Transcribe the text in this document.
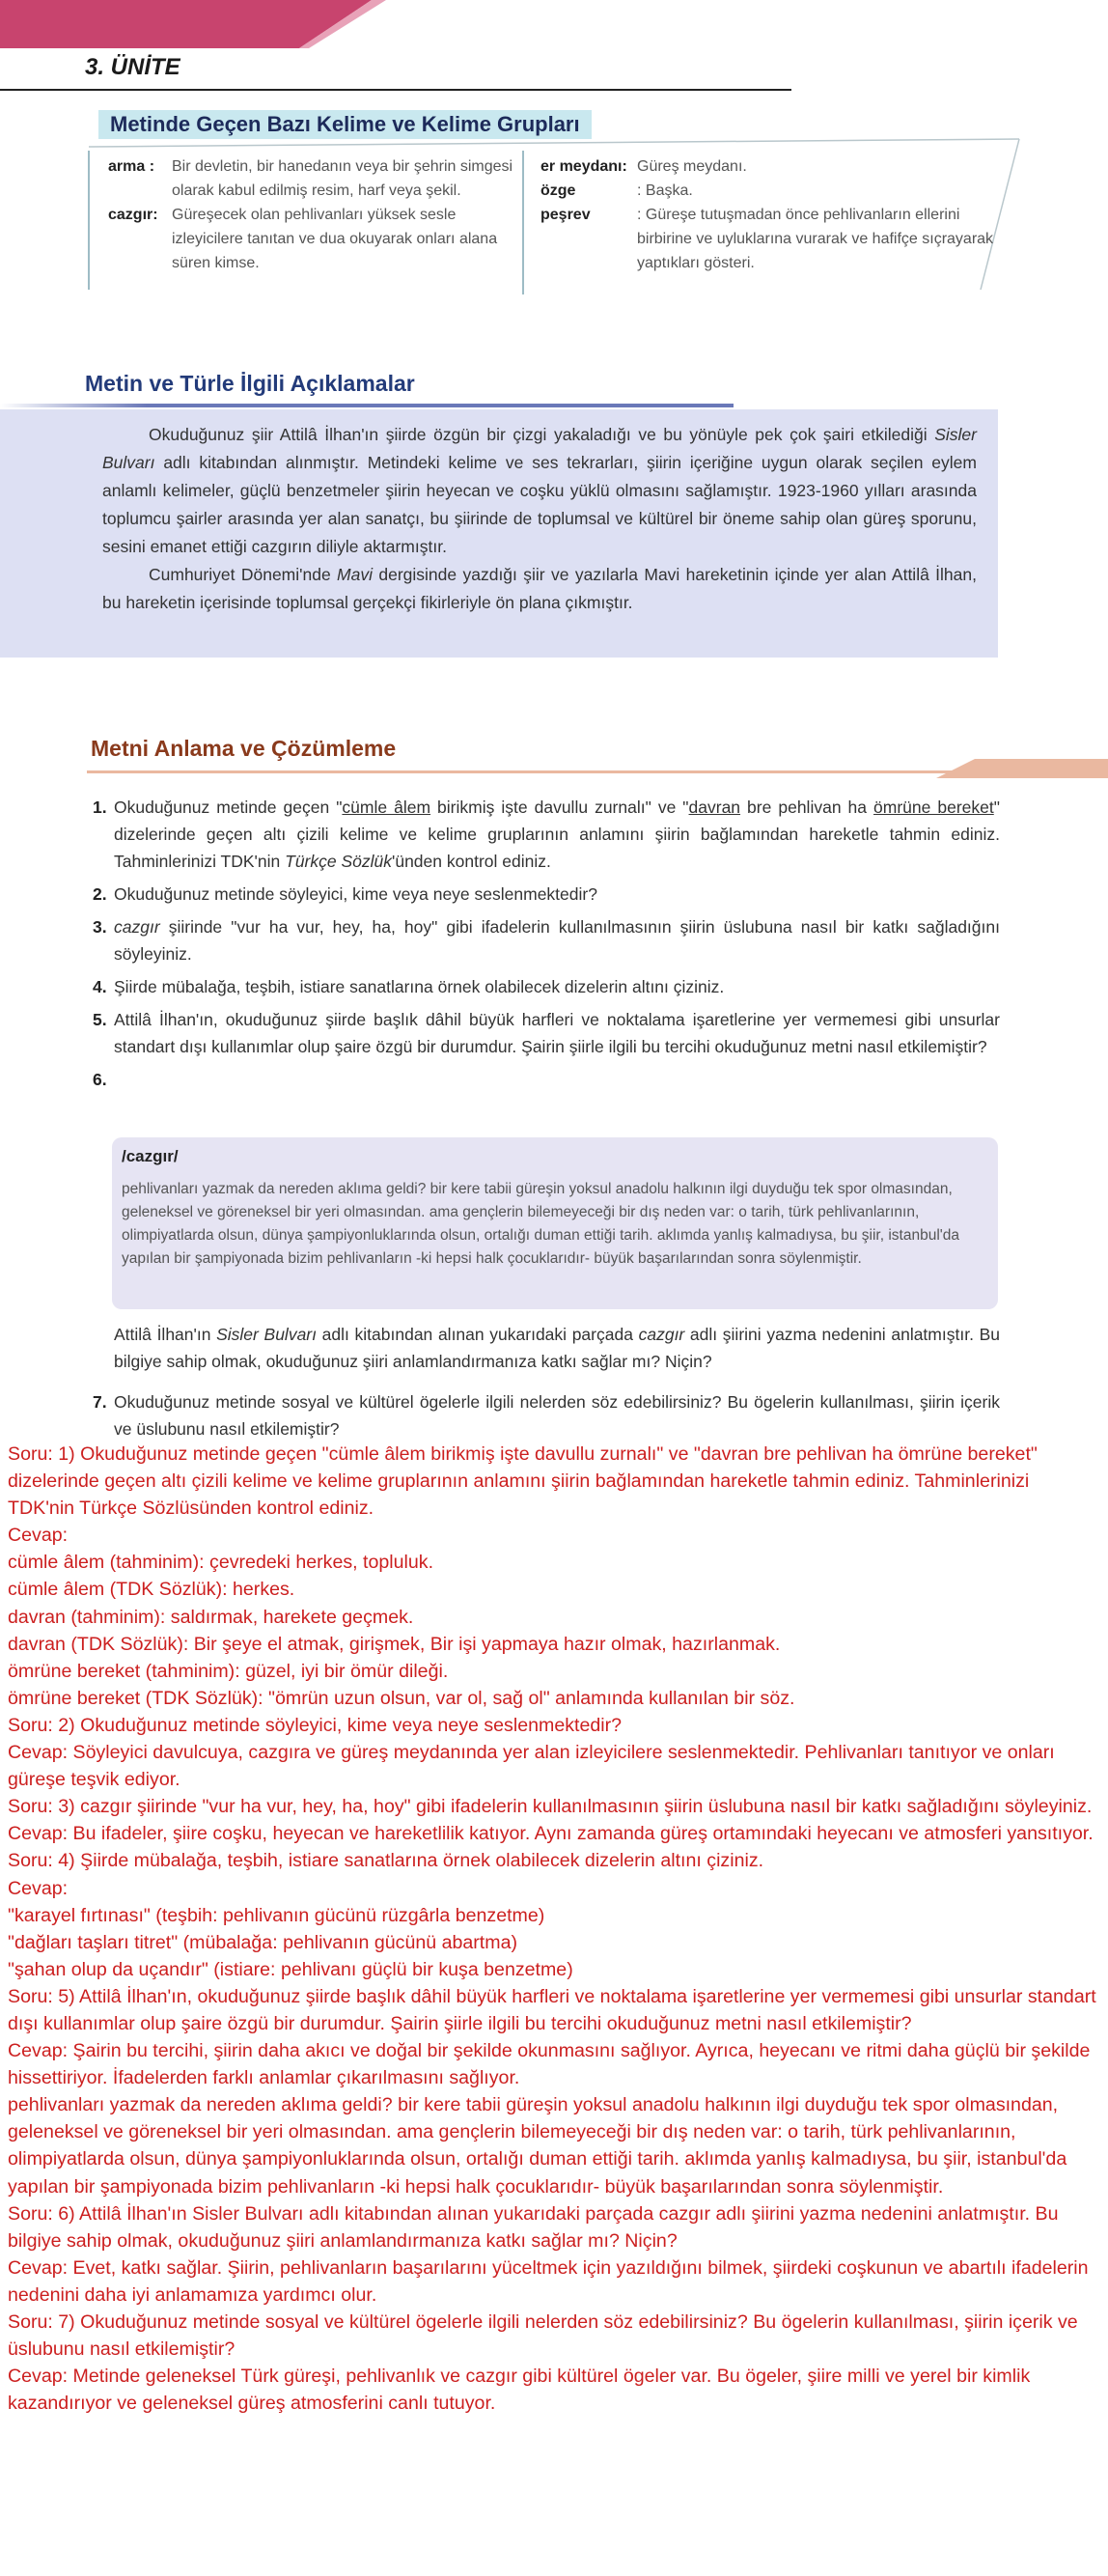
3. ÜNİTE
Metinde Geçen Bazı Kelime ve Kelime Grupları
arma :	Bir devletin, bir hanedanın veya bir şehrin simgesi olarak kabul edilmiş resim, harf veya şekil.
cazgır: Güreşecek olan pehlivanları yüksek sesle izleyicilere tanıtan ve dua okuyarak onları alana süren kimse.
er meydanı: Güreş meydanı.
özge	: Başka.
peşrev	: Güreşe tutuşmadan önce pehlivanların ellerini birbirine ve uyluklarına vurarak ve hafifçe sıçrayarak yaptıkları gösteri.
Metin ve Türle İlgili Açıklamalar

Okuduğunuz şiir Attilâ İlhan'ın şiirde özgün bir çizgi yakaladığı ve bu yönüyle pek çok şairi etkilediği Sisler Bulvarı adlı kitabından alınmıştır. Metindeki kelime ve ses tekrarları, şiirin içeriğine uygun olarak seçilen eylem anlamlı kelimeler, güçlü benzetmeler şiirin heyecan ve coşku yüklü olmasını sağlamıştır. 1923-1960 yılları arasında toplumcu şairler arasında yer alan sanatçı, bu şiirinde de toplumsal ve kültürel bir öneme sahip olan güreş sporunu, sesini emanet ettiği cazgırın diliyle aktarmıştır.

Cumhuriyet Dönemi'nde Mavi dergisinde yazdığı şiir ve yazılarla Mavi hareketinin içinde yer alan Attilâ İlhan, bu hareketin içerisinde toplumsal gerçekçi fikirleriyle ön plana çıkmıştır.

Metni Anlama ve Çözümleme
1. Okuduğunuz metinde geçen "cümle âlem birikmiş işte davullu zurnalı" ve "davran bre pehlivan ha ömrüne bereket" dizelerinde geçen altı çizili kelime ve kelime gruplarının anlamını şiirin bağlamından hareketle tahmin ediniz. Tahminlerinizi TDK'nin Türkçe Sözlük'ünden kontrol ediniz.
2. Okuduğunuz metinde söyleyici, kime veya neye seslenmektedir?
3. cazgır şiirinde "vur ha vur, hey, ha, hoy" gibi ifadelerin kullanılmasının şiirin üslubuna nasıl bir katkı sağladığını söyleyiniz.
4. Şiirde mübalağa, teşbih, istiare sanatlarına örnek olabilecek dizelerin altını çiziniz.
5. Attilâ İlhan'ın, okuduğunuz şiirde başlık dâhil büyük harfleri ve noktalama işaretlerine yer vermemesi gibi unsurlar standart dışı kullanımlar olup şaire özgü bir durumdur. Şairin şiirle ilgili bu tercihi okuduğunuz metni nasıl etkilemiştir?
6.
/cazgır/
pehlivanları yazmak da nereden aklıma geldi? bir kere tabii güreşin yoksul anadolu halkının ilgi duyduğu tek spor olmasından, geleneksel ve göreneksel bir yeri olmasından. ama gençlerin bilemeyeceği bir dış neden var: o tarih, türk pehlivanlarının, olimpiyatlarda olsun, dünya şampiyonluklarında olsun, ortalığı duman ettiği tarih. aklımda yanlış kalmadıysa, bu şiir, istanbul'da yapılan bir şampiyonada bizim pehlivanların -ki hepsi halk çocuklarıdır- büyük başarılarından sonra söylenmiştir.
Attilâ İlhan'ın Sisler Bulvarı adlı kitabından alınan yukarıdaki parçada cazgır adlı şiirini yazma nedenini anlatmıştır. Bu bilgiye sahip olmak, okuduğunuz şiiri anlamlandırmanıza katkı sağlar mı? Niçin?
7. Okuduğunuz metinde sosyal ve kültürel ögelerle ilgili nelerden söz edebilirsiniz? Bu ögelerin kullanılması, şiirin içerik ve üslubunu nasıl etkilemiştir?
Soru: 1) Okuduğunuz metinde geçen "cümle âlem birikmiş işte davullu zurnalı" ve "davran bre pehlivan ha ömrüne bereket" dizelerinde geçen altı çizili kelime ve kelime gruplarının anlamını şiirin bağlamından hareketle tahmin ediniz. Tahminlerinizi TDK'nin Türkçe Sözlüsünden kontrol ediniz.
Cevap:
cümle âlem (tahminim): çevredeki herkes, topluluk.
cümle âlem (TDK Sözlük): herkes.
davran (tahminim): saldırmak, harekete geçmek.
davran (TDK Sözlük): Bir şeye el atmak, girişmek, Bir işi yapmaya hazır olmak, hazırlanmak.
ömrüne bereket (tahminim): güzel, iyi bir ömür dileği.
ömrüne bereket (TDK Sözlük): "ömrün uzun olsun, var ol, sağ ol" anlamında kullanılan bir söz.
Soru: 2) Okuduğunuz metinde söyleyici, kime veya neye seslenmektedir?
Cevap: Söyleyici davulcuya, cazgıra ve güreş meydanında yer alan izleyicilere seslenmektedir. Pehlivanları tanıtıyor ve onları güreşe teşvik ediyor.
Soru: 3) cazgır şiirinde "vur ha vur, hey, ha, hoy" gibi ifadelerin kullanılmasının şiirin üslubuna nasıl bir katkı sağladığını söyleyiniz.
Cevap: Bu ifadeler, şiire coşku, heyecan ve hareketlilik katıyor. Aynı zamanda güreş ortamındaki heyecanı ve atmosferi yansıtıyor.
Soru: 4) Şiirde mübalağa, teşbih, istiare sanatlarına örnek olabilecek dizelerin altını çiziniz.
Cevap:
"karayel fırtınası" (teşbih: pehlivanın gücünü rüzgârla benzetme)
"dağları taşları titret" (mübalağa: pehlivanın gücünü abartma)
"şahan olup da uçandır" (istiare: pehlivanı güçlü bir kuşa benzetme)
Soru: 5) Attilâ İlhan'ın, okuduğunuz şiirde başlık dâhil büyük harfleri ve noktalama işaretlerine yer vermemesi gibi unsurlar standart dışı kullanımlar olup şaire özgü bir durumdur. Şairin şiirle ilgili bu tercihi okuduğunuz metni nasıl etkilemiştir?
Cevap: Şairin bu tercihi, şiirin daha akıcı ve doğal bir şekilde okunmasını sağlıyor. Ayrıca, heyecanı ve ritmi daha güçlü bir şekilde hissettiriyor. İfadelerden farklı anlamlar çıkarılmasını sağlıyor.
pehlivanları yazmak da nereden aklıma geldi? bir kere tabii güreşin yoksul anadolu halkının ilgi duyduğu tek spor olmasından, geleneksel ve göreneksel bir yeri olmasından. ama gençlerin bilemeyeceği bir dış neden var: o tarih, türk pehlivanlarının, olimpiyatlarda olsun, dünya şampiyonluklarında olsun, ortalığı duman ettiği tarih. aklımda yanlış kalmadıysa, bu şiir, istanbul'da yapılan bir şampiyonada bizim pehlivanların -ki hepsi halk çocuklarıdır- büyük başarılarından sonra söylenmiştir.
Soru: 6) Attilâ İlhan'ın Sisler Bulvarı adlı kitabından alınan yukarıdaki parçada cazgır adlı şiirini yazma nedenini anlatmıştır. Bu bilgiye sahip olmak, okuduğunuz şiiri anlamlandırmanıza katkı sağlar mı? Niçin?
Cevap: Evet, katkı sağlar. Şiirin, pehlivanların başarılarını yüceltmek için yazıldığını bilmek, şiirdeki coşkunun ve abartılı ifadelerin nedenini daha iyi anlamamıza yardımcı olur.
Soru: 7) Okuduğunuz metinde sosyal ve kültürel ögelerle ilgili nelerden söz edebilirsiniz? Bu ögelerin kullanılması, şiirin içerik ve üslubunu nasıl etkilemiştir?
Cevap: Metinde geleneksel Türk güreşi, pehlivanlık ve cazgır gibi kültürel ögeler var. Bu ögeler, şiire milli ve yerel bir kimlik kazandırıyor ve geleneksel güreş atmosferini canlı tutuyor.
